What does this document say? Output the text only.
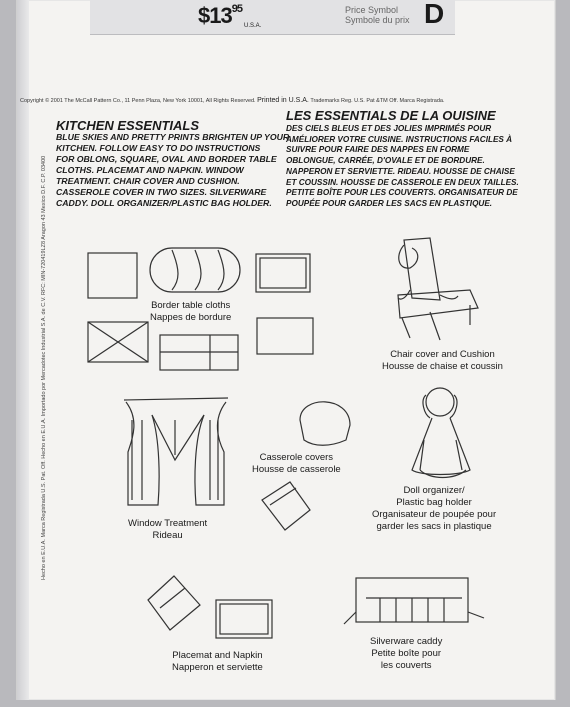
$\$13^{95}$
U.S.A.
Price Symbol
Symbole du prix D
Copyright © 2001 The McCall Pattern Co., 11 Penn Plaza, New York 10001, All Rights Reserved. Printed in U.S.A. Trademarks Reg. U.S. Pat &TM Off. Marca Registrada.
Hecho en E.U.A. Marca Registrada U.S. Pat. Off. Hecho en E.U.A. Importado por Mercadotec Industrial S.A. de C.V. RFC: MIN-720419LZ8 Aragon 43 Mexico D.F. C.P. 03400
KITCHEN ESSENTIALS
BLUE SKIES AND PRETTY PRINTS BRIGHTEN UP YOUR
KITCHEN. FOLLOW EASY TO DO INSTRUCTIONS
FOR OBLONG, SQUARE, OVAL AND BORDER TABLE
CLOTHS. PLACEMAT AND NAPKIN. WINDOW
TREATMENT. CHAIR COVER AND CUSHION.
CASSEROLE COVER IN TWO SIZES. SILVERWARE
CADDY. DOLL ORGANIZER/PLASTIC BAG HOLDER.
LES ESSENTIALS DE LA OUISINE
DES CIELS BLEUS ET DES JOLIES IMPRIMÉS POUR
AMÉLIORER VOTRE CUISINE. INSTRUCTIONS FACILES À
SUIVRE POUR FAIRE DES NAPPES EN FORME
OBLONGUE, CARRÉE, D'OVALE ET DE BORDURE.
NAPPERON ET SERVIETTE. RIDEAU. HOUSSE DE CHAISE
ET COUSSIN. HOUSSE DE CASSEROLE EN DEUX TAILLES.
PETITE BOÎTE POUR LES COUVERTS. ORGANISATEUR DE
POUPÉE POUR GARDER LES SACS EN PLASTIQUE.
Border table cloths
Nappes de bordure
Chair cover and Cushion
Housse de chaise et coussin
Window Treatment
Rideau
Casserole covers
Housse de casserole
Doll organizer/
Plastic bag holder
Organisateur de poupée pour
garder les sacs in plastique
Placemat and Napkin
Napperon et serviette
Silverware caddy
Petite boîte pour
les couverts
